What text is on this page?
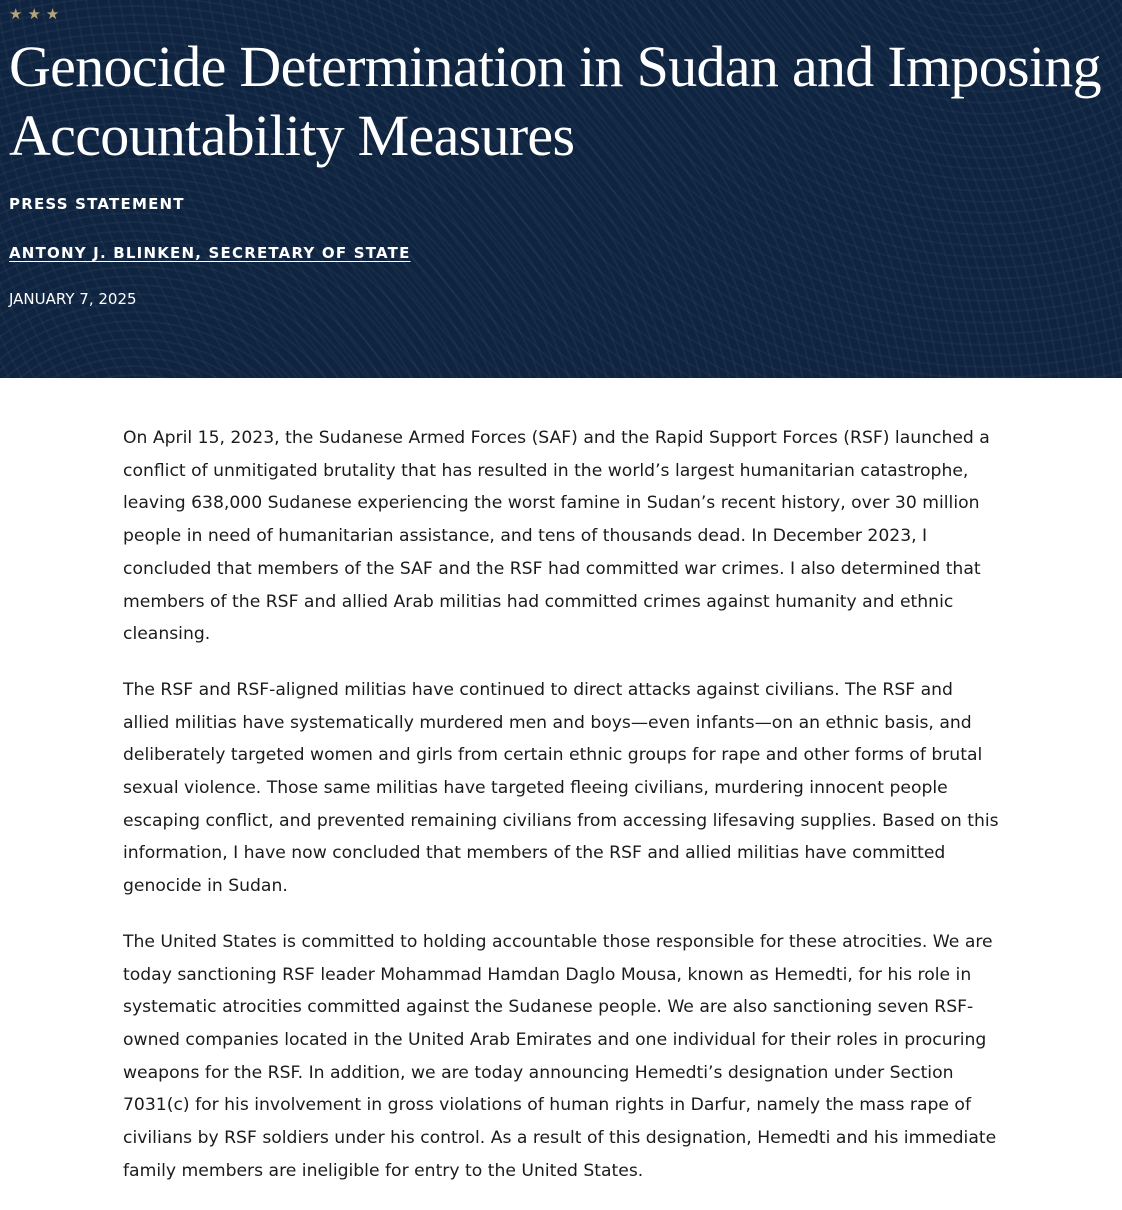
★★★
Genocide Determination in Sudan and Imposing Accountability Measures
PRESS STATEMENT
ANTONY J. BLINKEN, SECRETARY OF STATE
JANUARY 7, 2025

On April 15, 2023, the Sudanese Armed Forces (SAF) and the Rapid Support Forces (RSF) launched a conflict of unmitigated brutality that has resulted in the world’s largest humanitarian catastrophe, leaving 638,000 Sudanese experiencing the worst famine in Sudan’s recent history, over 30 million people in need of humanitarian assistance, and tens of thousands dead. In December 2023, I concluded that members of the SAF and the RSF had committed war crimes. I also determined that members of the RSF and allied Arab militias had committed crimes against humanity and ethnic cleansing.

The RSF and RSF-aligned militias have continued to direct attacks against civilians. The RSF and allied militias have systematically murdered men and boys—even infants—on an ethnic basis, and deliberately targeted women and girls from certain ethnic groups for rape and other forms of brutal sexual violence. Those same militias have targeted fleeing civilians, murdering innocent people escaping conflict, and prevented remaining civilians from accessing lifesaving supplies. Based on this information, I have now concluded that members of the RSF and allied militias have committed genocide in Sudan.

The United States is committed to holding accountable those responsible for these atrocities. We are today sanctioning RSF leader Mohammad Hamdan Daglo Mousa, known as Hemedti, for his role in systematic atrocities committed against the Sudanese people. We are also sanctioning seven RSF-owned companies located in the United Arab Emirates and one individual for their roles in procuring weapons for the RSF. In addition, we are today announcing Hemedti’s designation under Section 7031(c) for his involvement in gross violations of human rights in Darfur, namely the mass rape of civilians by RSF soldiers under his control. As a result of this designation, Hemedti and his immediate family members are ineligible for entry to the United States.
